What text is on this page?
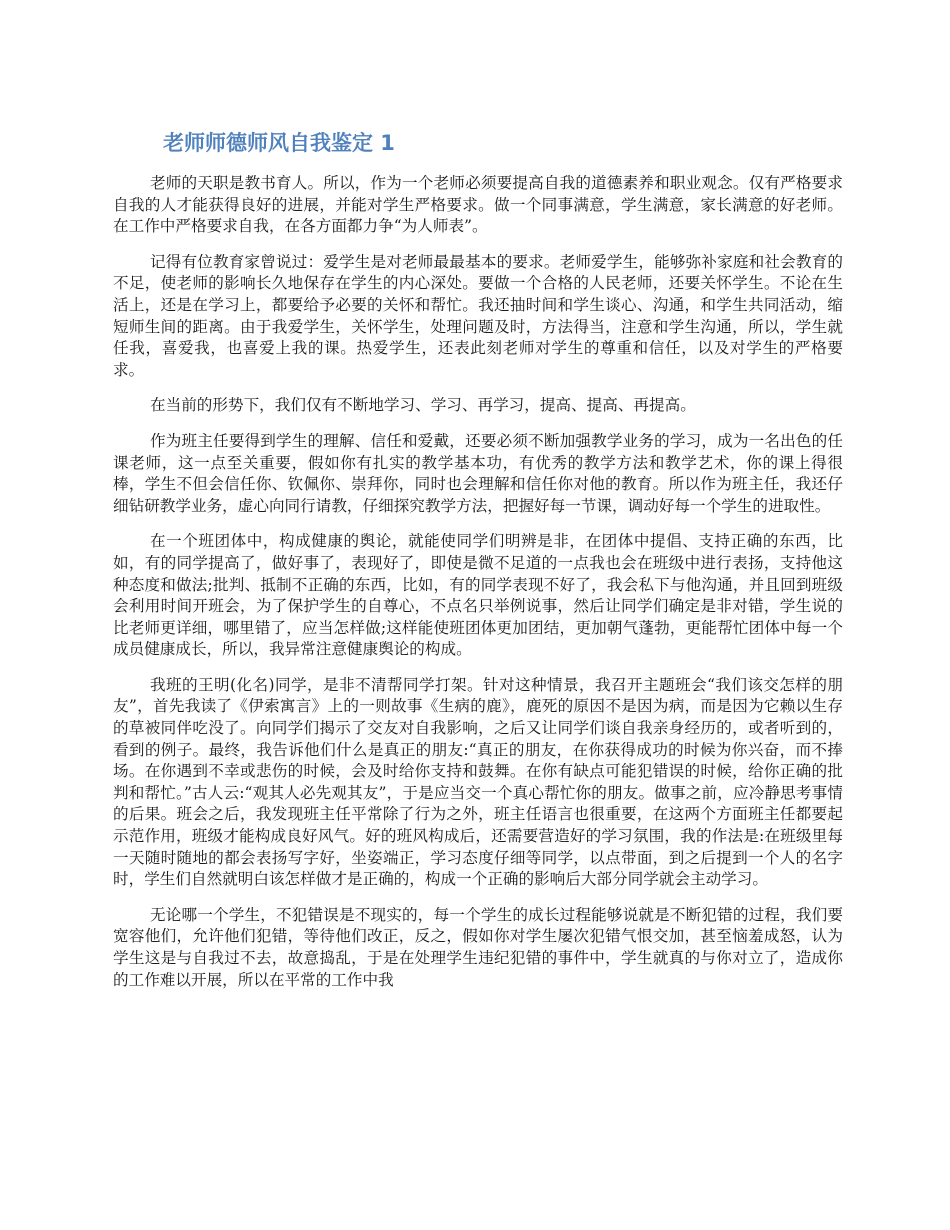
老师师德师风自我鉴定 1

老师的天职是教书育人。所以，作为一个老师必须要提高自我的道德素养和职业观念。仅有严格要求自我的人才能获得良好的进展，并能对学生严格要求。做一个同事满意，学生满意，家长满意的好老师。在工作中严格要求自我，在各方面都力争“为人师表”。

记得有位教育家曾说过：爱学生是对老师最最基本的要求。老师爱学生，能够弥补家庭和社会教育的不足，使老师的影响长久地保存在学生的内心深处。要做一个合格的人民老师，还要关怀学生。不论在生活上，还是在学习上，都要给予必要的关怀和帮忙。我还抽时间和学生谈心、沟通，和学生共同活动，缩短师生间的距离。由于我爱学生，关怀学生，处理问题及时，方法得当，注意和学生沟通，所以，学生就任我，喜爱我，也喜爱上我的课。热爱学生，还表此刻老师对学生的尊重和信任，以及对学生的严格要求。

在当前的形势下，我们仅有不断地学习、学习、再学习，提高、提高、再提高。

作为班主任要得到学生的理解、信任和爱戴，还要必须不断加强教学业务的学习，成为一名出色的任课老师，这一点至关重要，假如你有扎实的教学基本功，有优秀的教学方法和教学艺术，你的课上得很棒，学生不但会信任你、钦佩你、崇拜你，同时也会理解和信任你对他的教育。所以作为班主任，我还仔细钻研教学业务，虚心向同行请教，仔细探究教学方法，把握好每一节课，调动好每一个学生的进取性。

在一个班团体中，构成健康的舆论，就能使同学们明辨是非，在团体中提倡、支持正确的东西，比如，有的同学提高了，做好事了，表现好了，即使是微不足道的一点我也会在班级中进行表扬，支持他这种态度和做法;批判、抵制不正确的东西，比如，有的同学表现不好了，我会私下与他沟通，并且回到班级会利用时间开班会，为了保护学生的自尊心，不点名只举例说事，然后让同学们确定是非对错，学生说的比老师更详细，哪里错了，应当怎样做;这样能使班团体更加团结，更加朝气蓬勃，更能帮忙团体中每一个成员健康成长，所以，我异常注意健康舆论的构成。

我班的王明(化名)同学，是非不清帮同学打架。针对这种情景，我召开主题班会“我们该交怎样的朋友”，首先我读了《伊索寓言》上的一则故事《生病的鹿》，鹿死的原因不是因为病，而是因为它赖以生存的草被同伴吃没了。向同学们揭示了交友对自我影响，之后又让同学们谈自我亲身经历的，或者听到的，看到的例子。最终，我告诉他们什么是真正的朋友:“真正的朋友，在你获得成功的时候为你兴奋，而不捧场。在你遇到不幸或悲伤的时候，会及时给你支持和鼓舞。在你有缺点可能犯错误的时候，给你正确的批判和帮忙。”古人云:“观其人必先观其友”，于是应当交一个真心帮忙你的朋友。做事之前，应冷静思考事情的后果。班会之后，我发现班主任平常除了行为之外，班主任语言也很重要，在这两个方面班主任都要起示范作用，班级才能构成良好风气。好的班风构成后，还需要营造好的学习氛围，我的作法是:在班级里每一天随时随地的都会表扬写字好，坐姿端正，学习态度仔细等同学，以点带面，到之后提到一个人的名字时，学生们自然就明白该怎样做才是正确的，构成一个正确的影响后大部分同学就会主动学习。

无论哪一个学生，不犯错误是不现实的，每一个学生的成长过程能够说就是不断犯错的过程，我们要宽容他们，允许他们犯错，等待他们改正，反之，假如你对学生屡次犯错气恨交加，甚至恼羞成怒，认为学生这是与自我过不去，故意捣乱，于是在处理学生违纪犯错的事件中，学生就真的与你对立了，造成你的工作难以开展，所以在平常的工作中我
